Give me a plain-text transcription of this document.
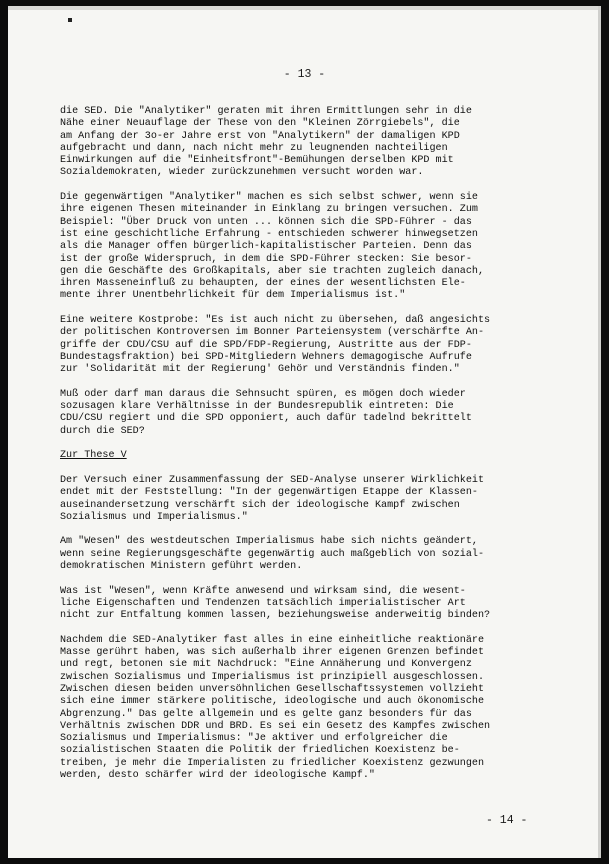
- 13 -
die SED. Die "Analytiker" geraten mit ihren Ermittlungen sehr in die
Nähe einer Neuauflage der These von den "Kleinen Zörrgiebels", die
am Anfang der 3o-er Jahre erst von "Analytikern" der damaligen KPD
aufgebracht und dann, nach nicht mehr zu leugnenden nachteiligen
Einwirkungen auf die "Einheitsfront"-Bemühungen derselben KPD mit
Sozialdemokraten, wieder zurückzunehmen versucht worden war.
Die gegenwärtigen "Analytiker" machen es sich selbst schwer, wenn sie
ihre eigenen Thesen miteinander in Einklang zu bringen versuchen. Zum
Beispiel: "Über Druck von unten ... können sich die SPD-Führer - das
ist eine geschichtliche Erfahrung - entschieden schwerer hinwegsetzen
als die Manager offen bürgerlich-kapitalistischer Parteien. Denn das
ist der große Widerspruch, in dem die SPD-Führer stecken: Sie besor-
gen die Geschäfte des Großkapitals, aber sie trachten zugleich danach,
ihren Masseneinfluß zu behaupten, der eines der wesentlichsten Ele-
mente ihrer Unentbehrlichkeit für dem Imperialismus ist."
Eine weitere Kostprobe: "Es ist auch nicht zu übersehen, daß angesichts
der politischen Kontroversen im Bonner Parteiensystem (verschärfte An-
griffe der CDU/CSU auf die SPD/FDP-Regierung, Austritte aus der FDP-
Bundestagsfraktion) bei SPD-Mitgliedern Wehners demagogische Aufrufe
zur 'Solidarität mit der Regierung' Gehör und Verständnis finden."
Muß oder darf man daraus die Sehnsucht spüren, es mögen doch wieder
sozusagen klare Verhältnisse in der Bundesrepublik eintreten: Die
CDU/CSU regiert und die SPD opponiert, auch dafür tadelnd bekrittelt
durch die SED?
Zur These V
Der Versuch einer Zusammenfassung der SED-Analyse unserer Wirklichkeit
endet mit der Feststellung: "In der gegenwärtigen Etappe der Klassen-
auseinandersetzung verschärft sich der ideologische Kampf zwischen
Sozialismus und Imperialismus."
Am "Wesen" des westdeutschen Imperialismus habe sich nichts geändert,
wenn seine Regierungsgeschäfte gegenwärtig auch maßgeblich von sozial-
demokratischen Ministern geführt werden.
Was ist "Wesen", wenn Kräfte anwesend und wirksam sind, die wesent-
liche Eigenschaften und Tendenzen tatsächlich imperialistischer Art
nicht zur Entfaltung kommen lassen, beziehungsweise anderweitig binden?
Nachdem die SED-Analytiker fast alles in eine einheitliche reaktionäre
Masse gerührt haben, was sich außerhalb ihrer eigenen Grenzen befindet
und regt, betonen sie mit Nachdruck: "Eine Annäherung und Konvergenz
zwischen Sozialismus und Imperialismus ist prinzipiell ausgeschlossen.
Zwischen diesen beiden unversöhnlichen Gesellschaftssystemen vollzieht
sich eine immer stärkere politische, ideologische und auch ökonomische
Abgrenzung." Das gelte allgemein und es gelte ganz besonders für das
Verhältnis zwischen DDR und BRD. Es sei ein Gesetz des Kampfes zwischen
Sozialismus und Imperialismus: "Je aktiver und erfolgreicher die
sozialistischen Staaten die Politik der friedlichen Koexistenz be-
treiben, je mehr die Imperialisten zu friedlicher Koexistenz gezwungen
werden, desto schärfer wird der ideologische Kampf."
- 14 -
